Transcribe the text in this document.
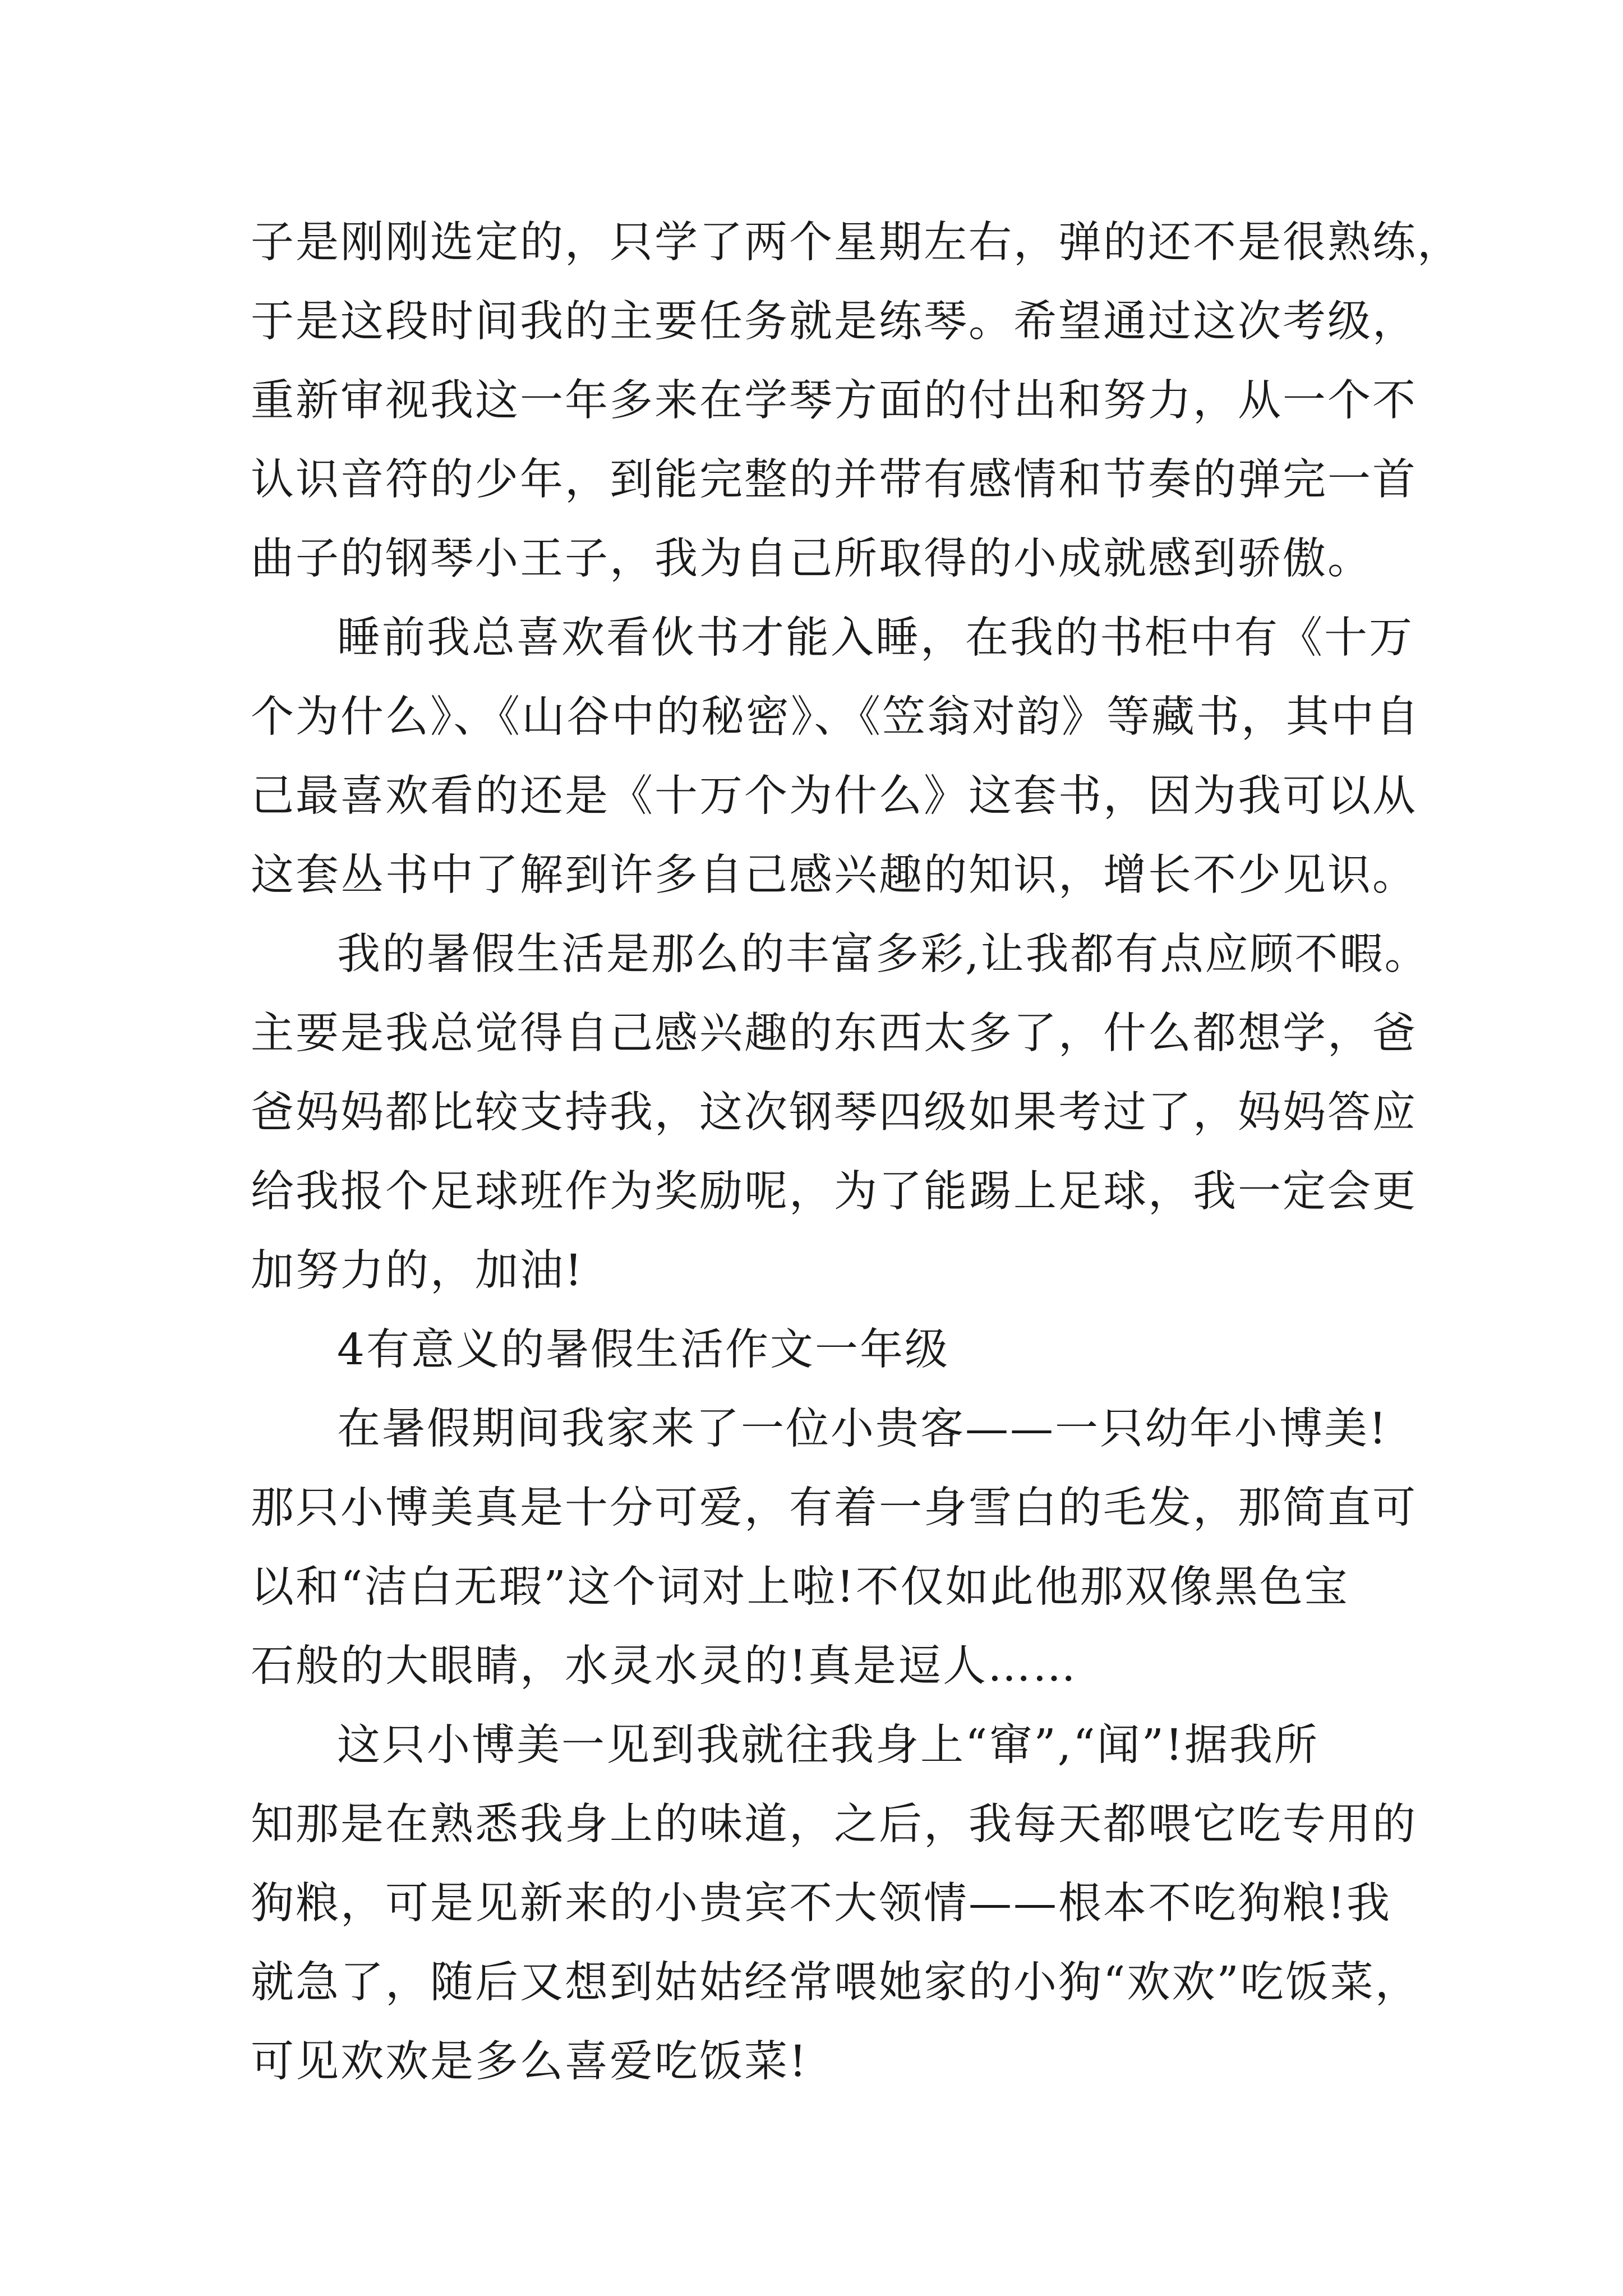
子是刚刚选定的，只学了两个星期左右，弹的还不是很熟练，
于是这段时间我的主要任务就是练琴。希望通过这次考级，
重新审视我这一年多来在学琴方面的付出和努力，从一个不
认识音符的少年，到能完整的并带有感情和节奏的弹完一首
曲子的钢琴小王子，我为自己所取得的小成就感到骄傲。
睡前我总喜欢看伙书才能入睡，在我的书柜中有《十万
个为什么》、《山谷中的秘密》、《笠翁对韵》等藏书，其中自
己最喜欢看的还是《十万个为什么》这套书，因为我可以从
这套丛书中了解到许多自己感兴趣的知识，增长不少见识。
我的暑假生活是那么的丰富多彩,让我都有点应顾不暇。
主要是我总觉得自己感兴趣的东西太多了，什么都想学，爸
爸妈妈都比较支持我，这次钢琴四级如果考过了，妈妈答应
给我报个足球班作为奖励呢，为了能踢上足球，我一定会更
加努力的，加油!
4有意义的暑假生活作文一年级
在暑假期间我家来了一位小贵客——一只幼年小博美!
那只小博美真是十分可爱，有着一身雪白的毛发，那简直可
以和“洁白无瑕”这个词对上啦!不仅如此他那双像黑色宝
石般的大眼睛，水灵水灵的!真是逗人……
这只小博美一见到我就往我身上“窜”,“闻”!据我所
知那是在熟悉我身上的味道，之后，我每天都喂它吃专用的
狗粮，可是见新来的小贵宾不大领情——根本不吃狗粮!我
就急了，随后又想到姑姑经常喂她家的小狗“欢欢”吃饭菜，
可见欢欢是多么喜爱吃饭菜!
